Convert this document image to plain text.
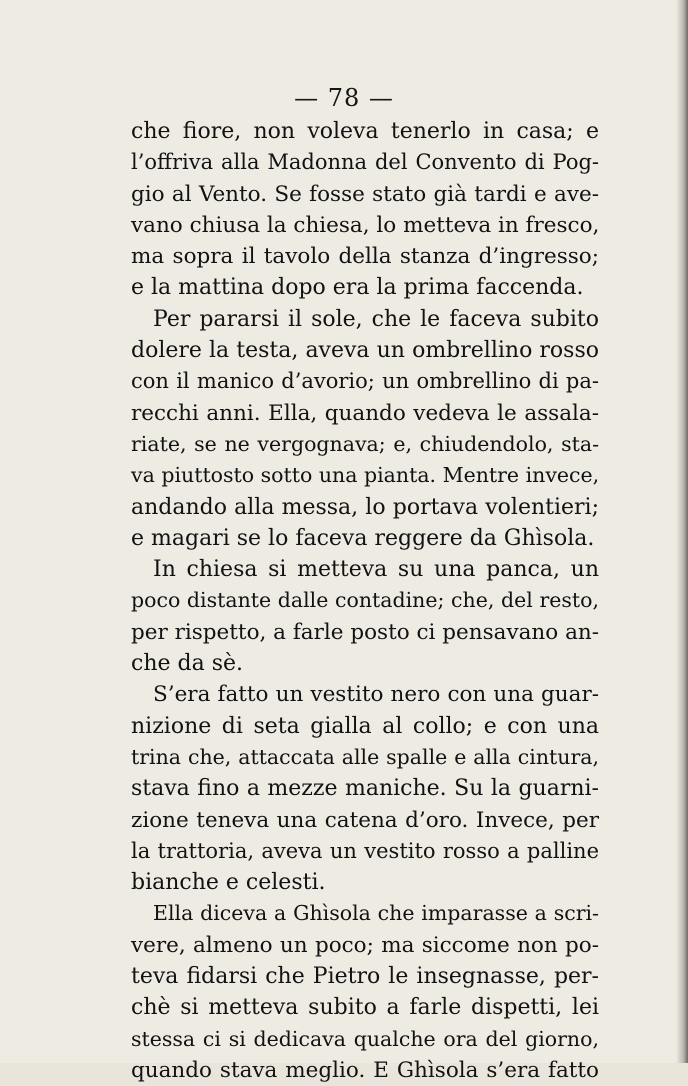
— 78 —
che fiore, non voleva tenerlo in casa; e
l’offriva alla Madonna del Convento di Pog-
gio al Vento. Se fosse stato già tardi e ave-
vano chiusa la chiesa, lo metteva in fresco,
ma sopra il tavolo della stanza d’ingresso;
e la mattina dopo era la prima faccenda.
Per pararsi il sole, che le faceva subito
dolere la testa, aveva un ombrellino rosso
con il manico d’avorio; un ombrellino di pa-
recchi anni. Ella, quando vedeva le assala-
riate, se ne vergognava; e, chiudendolo, sta-
va piuttosto sotto una pianta. Mentre invece,
andando alla messa, lo portava volentieri;
e magari se lo faceva reggere da Ghìsola.
In chiesa si metteva su una panca, un
poco distante dalle contadine; che, del resto,
per rispetto, a farle posto ci pensavano an-
che da sè.
S’era fatto un vestito nero con una guar-
nizione di seta gialla al collo; e con una
trina che, attaccata alle spalle e alla cintura,
stava fino a mezze maniche. Su la guarni-
zione teneva una catena d’oro. Invece, per
la trattoria, aveva un vestito rosso a palline
bianche e celesti.
Ella diceva a Ghìsola che imparasse a scri-
vere, almeno un poco; ma siccome non po-
teva fidarsi che Pietro le insegnasse, per-
chè si metteva subito a farle dispetti, lei
stessa ci si dedicava qualche ora del giorno,
quando stava meglio. E Ghìsola s’era fatto
